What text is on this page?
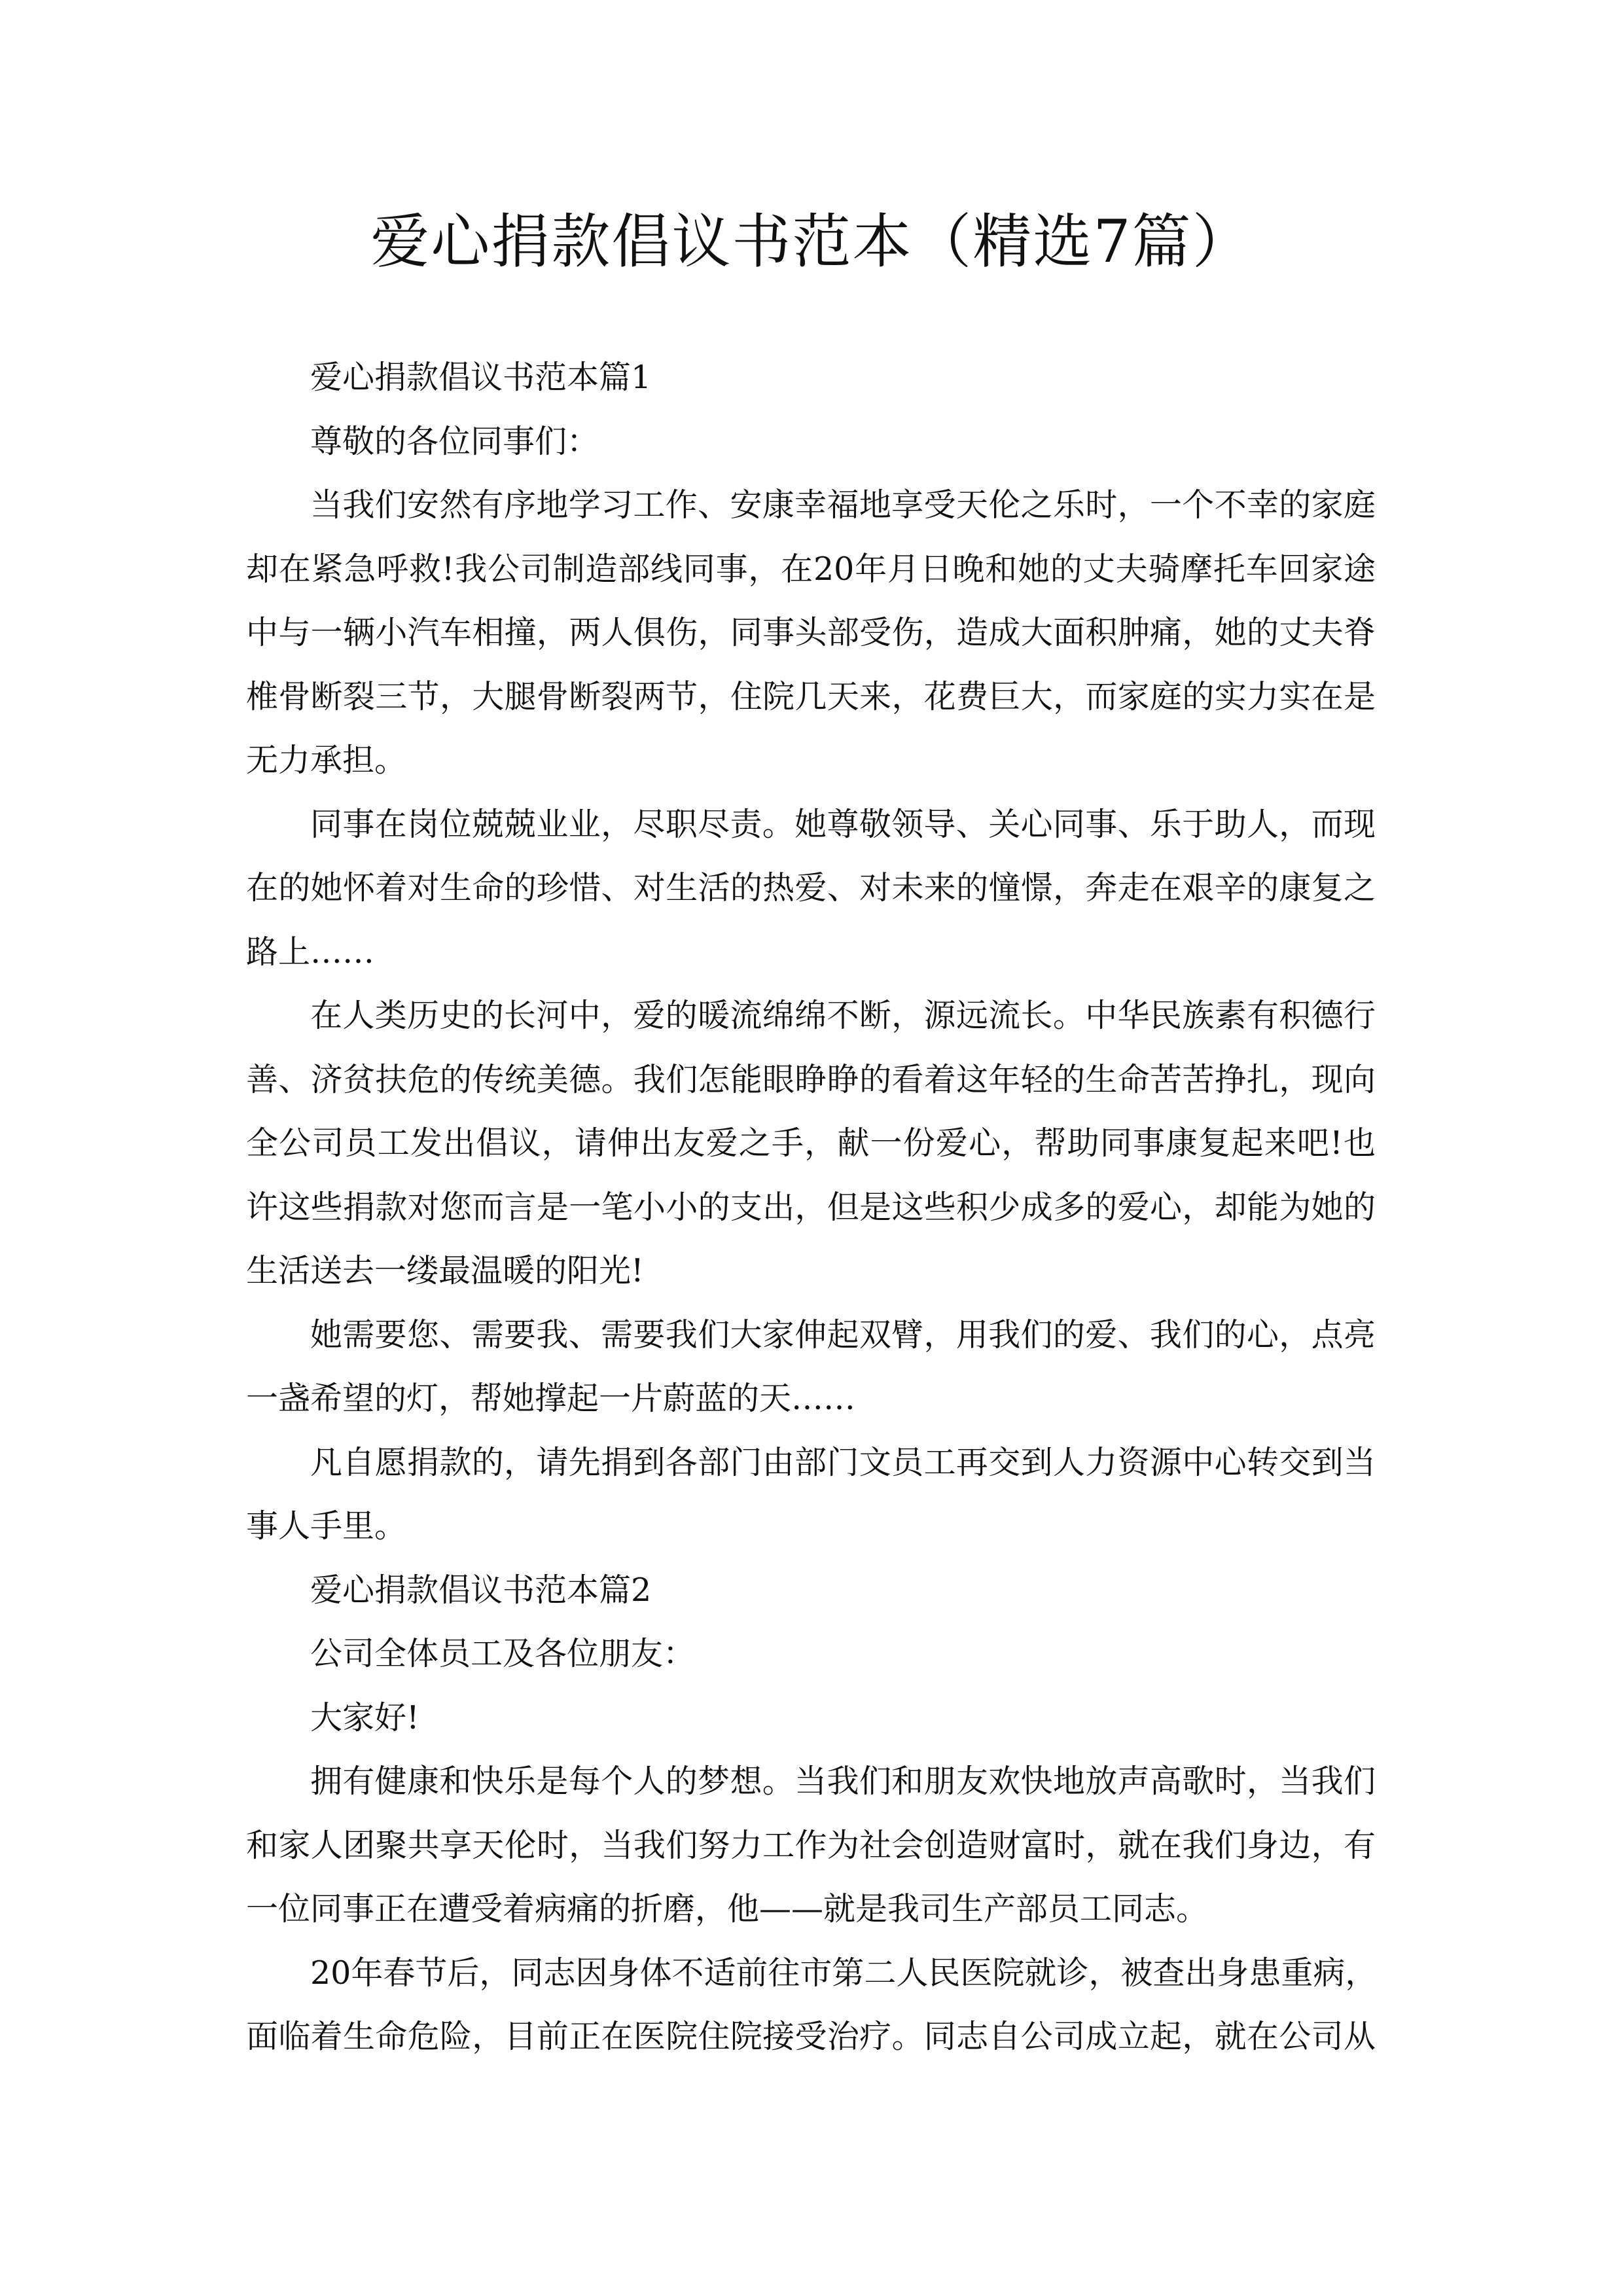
爱心捐款倡议书范本（精选7篇）
爱心捐款倡议书范本篇1
尊敬的各位同事们：
当我们安然有序地学习工作、安康幸福地享受天伦之乐时，一个不幸的家庭
却在紧急呼救!我公司制造部线同事，在20年月日晚和她的丈夫骑摩托车回家途
中与一辆小汽车相撞，两人俱伤，同事头部受伤，造成大面积肿痛，她的丈夫脊
椎骨断裂三节，大腿骨断裂两节，住院几天来，花费巨大，而家庭的实力实在是
无力承担。
同事在岗位兢兢业业，尽职尽责。她尊敬领导、关心同事、乐于助人，而现
在的她怀着对生命的珍惜、对生活的热爱、对未来的憧憬，奔走在艰辛的康复之
路上……
在人类历史的长河中，爱的暖流绵绵不断，源远流长。中华民族素有积德行
善、济贫扶危的传统美德。我们怎能眼睁睁的看着这年轻的生命苦苦挣扎，现向
全公司员工发出倡议，请伸出友爱之手，献一份爱心，帮助同事康复起来吧!也
许这些捐款对您而言是一笔小小的支出，但是这些积少成多的爱心，却能为她的
生活送去一缕最温暖的阳光!
她需要您、需要我、需要我们大家伸起双臂，用我们的爱、我们的心，点亮
一盏希望的灯，帮她撑起一片蔚蓝的天……
凡自愿捐款的，请先捐到各部门由部门文员工再交到人力资源中心转交到当
事人手里。
爱心捐款倡议书范本篇2
公司全体员工及各位朋友：
大家好!
拥有健康和快乐是每个人的梦想。当我们和朋友欢快地放声高歌时，当我们
和家人团聚共享天伦时，当我们努力工作为社会创造财富时，就在我们身边，有
一位同事正在遭受着病痛的折磨，他——就是我司生产部员工同志。
20年春节后，同志因身体不适前往市第二人民医院就诊，被查出身患重病，
面临着生命危险，目前正在医院住院接受治疗。同志自公司成立起，就在公司从
